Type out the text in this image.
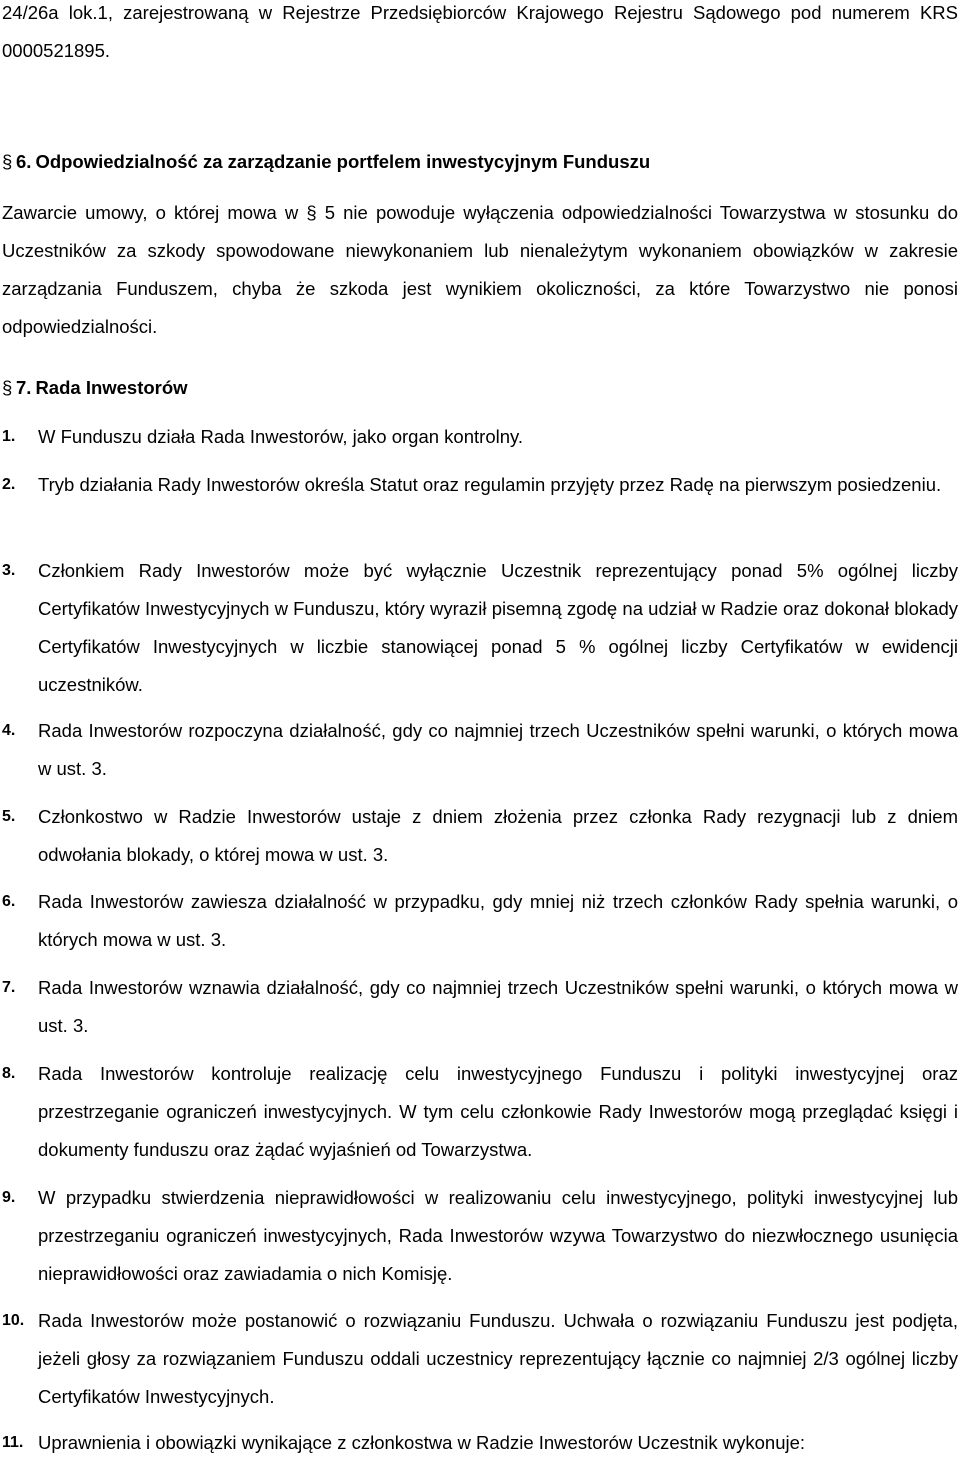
24/26a lok.1, zarejestrowaną w Rejestrze Przedsiębiorców Krajowego Rejestru Sądowego pod numerem KRS 0000521895.

§ 6. Odpowiedzialność za zarządzanie portfelem inwestycyjnym Funduszu

Zawarcie umowy, o której mowa w § 5 nie powoduje wyłączenia odpowiedzialności Towarzystwa w stosunku do Uczestników za szkody spowodowane niewykonaniem lub nienależytym wykonaniem obowiązków w zakresie zarządzania Funduszem, chyba że szkoda jest wynikiem okoliczności, za które Towarzystwo nie ponosi odpowiedzialności.

§ 7. Rada Inwestorów
1.	W Funduszu działa Rada Inwestorów, jako organ kontrolny.

2.	Tryb działania Rady Inwestorów określa Statut oraz regulamin przyjęty przez Radę na pierwszym posiedzeniu.

3.	Członkiem Rady Inwestorów może być wyłącznie Uczestnik reprezentujący ponad 5% ogólnej liczby Certyfikatów Inwestycyjnych w Funduszu, który wyraził pisemną zgodę na udział w Radzie oraz dokonał blokady Certyfikatów Inwestycyjnych w liczbie stanowiącej ponad 5 % ogólnej liczby Certyfikatów w ewidencji uczestników.

4.	Rada Inwestorów rozpoczyna działalność, gdy co najmniej trzech Uczestników spełni warunki, o których mowa w ust. 3.

5.	Członkostwo w Radzie Inwestorów ustaje z dniem złożenia przez członka Rady rezygnacji lub z dniem odwołania blokady, o której mowa w ust. 3.

6.	Rada Inwestorów zawiesza działalność w przypadku, gdy mniej niż trzech członków Rady spełnia warunki, o których mowa w ust. 3.

7.	Rada Inwestorów wznawia działalność, gdy co najmniej trzech Uczestników spełni warunki, o których mowa w ust. 3.

8.	Rada Inwestorów kontroluje realizację celu inwestycyjnego Funduszu i polityki inwestycyjnej oraz przestrzeganie ograniczeń inwestycyjnych. W tym celu członkowie Rady Inwestorów mogą przeglądać księgi i dokumenty funduszu oraz żądać wyjaśnień od Towarzystwa.

9.	W przypadku stwierdzenia nieprawidłowości w realizowaniu celu inwestycyjnego, polityki inwestycyjnej lub przestrzeganiu ograniczeń inwestycyjnych, Rada Inwestorów wzywa Towarzystwo do niezwłocznego usunięcia nieprawidłowości oraz zawiadamia o nich Komisję.

10. Rada Inwestorów może postanowić o rozwiązaniu Funduszu. Uchwała o rozwiązaniu Funduszu jest podjęta, jeżeli głosy za rozwiązaniem Funduszu oddali uczestnicy reprezentujący łącznie co najmniej 2/3 ogólnej liczby Certyfikatów Inwestycyjnych.

11. Uprawnienia i obowiązki wynikające z członkostwa w Radzie Inwestorów Uczestnik wykonuje:
